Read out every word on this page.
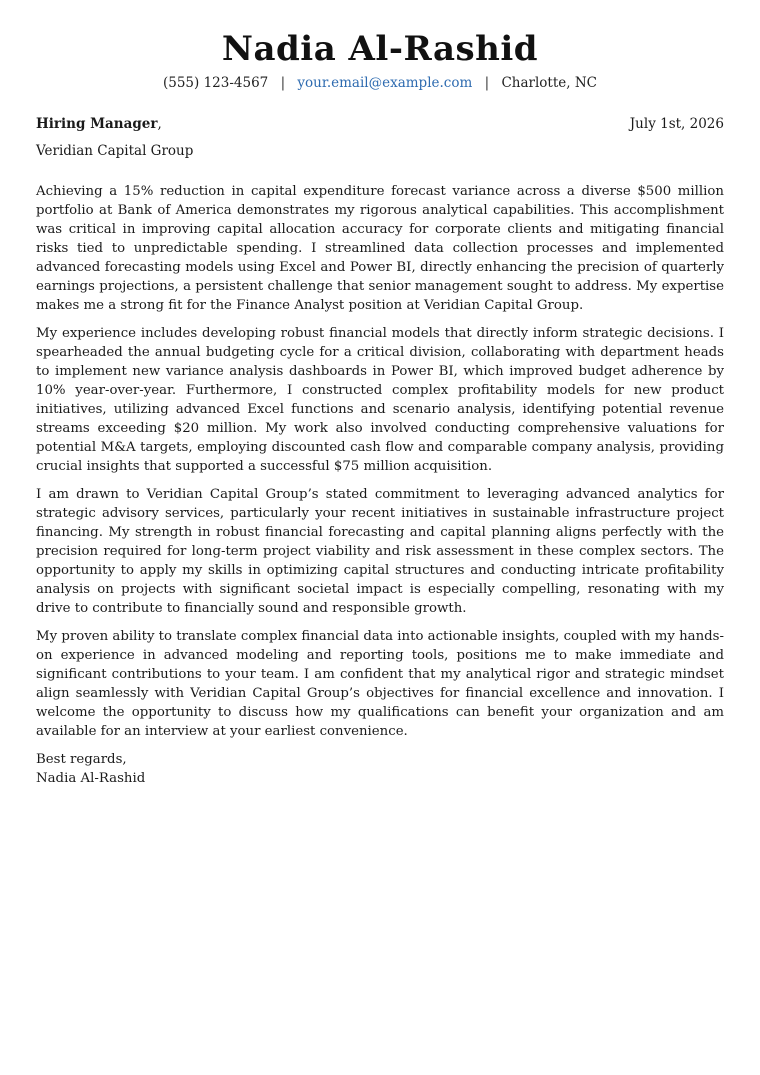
Nadia Al-Rashid
(555) 123-4567 | your.email@example.com | Charlotte, NC
Hiring Manager,	July 1st, 2026
Veridian Capital Group

Achieving a 15% reduction in capital expenditure forecast variance across a diverse $500 million portfolio at Bank of America demonstrates my rigorous analytical capabilities. This accomplishment was critical in improving capital allocation accuracy for corporate clients and mitigating financial risks tied to unpredictable spending. I streamlined data collection processes and implemented advanced forecasting models using Excel and Power BI, directly enhancing the precision of quarterly earnings projections, a persistent challenge that senior management sought to address. My expertise makes me a strong fit for the Finance Analyst position at Veridian Capital Group.

My experience includes developing robust financial models that directly inform strategic decisions. I spearheaded the annual budgeting cycle for a critical division, collaborating with department heads to implement new variance analysis dashboards in Power BI, which improved budget adherence by 10% year-over-year. Furthermore, I constructed complex profitability models for new product initiatives, utilizing advanced Excel functions and scenario analysis, identifying potential revenue streams exceeding $20 million. My work also involved conducting comprehensive valuations for potential M&A targets, employing discounted cash flow and comparable company analysis, providing crucial insights that supported a successful $75 million acquisition.

I am drawn to Veridian Capital Group’s stated commitment to leveraging advanced analytics for strategic advisory services, particularly your recent initiatives in sustainable infrastructure project financing. My strength in robust financial forecasting and capital planning aligns perfectly with the precision required for long-term project viability and risk assessment in these complex sectors. The opportunity to apply my skills in optimizing capital structures and conducting intricate profitability analysis on projects with significant societal impact is especially compelling, resonating with my drive to contribute to financially sound and responsible growth.

My proven ability to translate complex financial data into actionable insights, coupled with my hands-on experience in advanced modeling and reporting tools, positions me to make immediate and significant contributions to your team. I am confident that my analytical rigor and strategic mindset align seamlessly with Veridian Capital Group’s objectives for financial excellence and innovation. I welcome the opportunity to discuss how my qualifications can benefit your organization and am available for an interview at your earliest convenience.

Best regards,
Nadia Al-Rashid
